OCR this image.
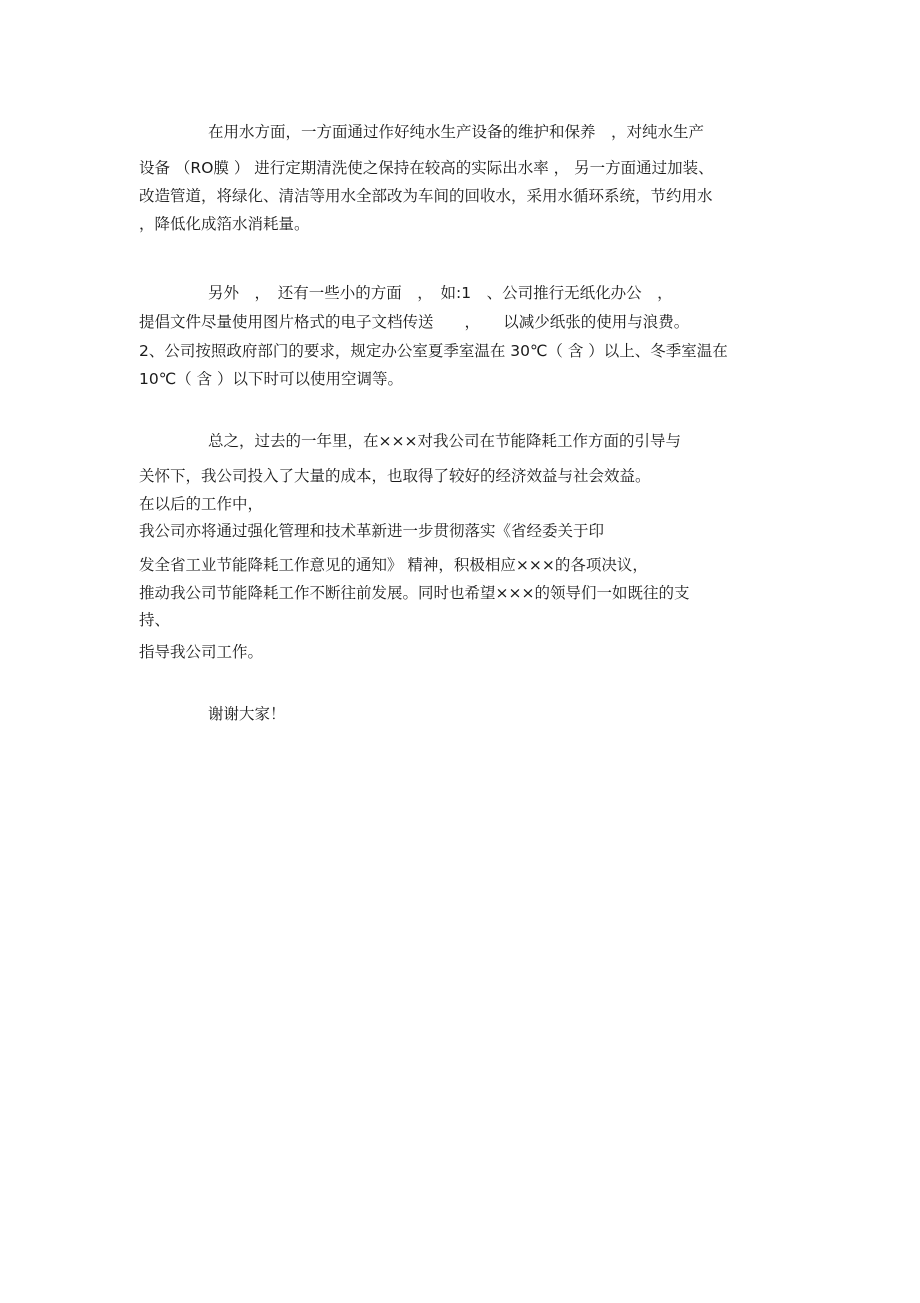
在用水方面，一方面通过作好纯水生产设备的维护和保养　，对纯水生产
设备 （RO膜 ） 进行定期清洗使之保持在较高的实际出水率 ， 另一方面通过加装、
改造管道，将绿化、清洁等用水全部改为车间的回收水，采用水循环系统，节约用水
，降低化成箔水消耗量。
另外　，　还有一些小的方面　，　如:1　、公司推行无纸化办公　，
提倡文件尽量使用图片格式的电子文档传送　　，　　以减少纸张的使用与浪费。
2、公司按照政府部门的要求，规定办公室夏季室温在 30℃（ 含 ）以上、冬季室温在
10℃（ 含 ）以下时可以使用空调等。
总之，过去的一年里，在×××对我公司在节能降耗工作方面的引导与
关怀下，我公司投入了大量的成本，也取得了较好的经济效益与社会效益。
在以后的工作中，
我公司亦将通过强化管理和技术革新进一步贯彻落实《省经委关于印
发全省工业节能降耗工作意见的通知》 精神，积极相应×××的各项决议，
推动我公司节能降耗工作不断往前发展。同时也希望×××的领导们一如既往的支
持、
指导我公司工作。
谢谢大家！
